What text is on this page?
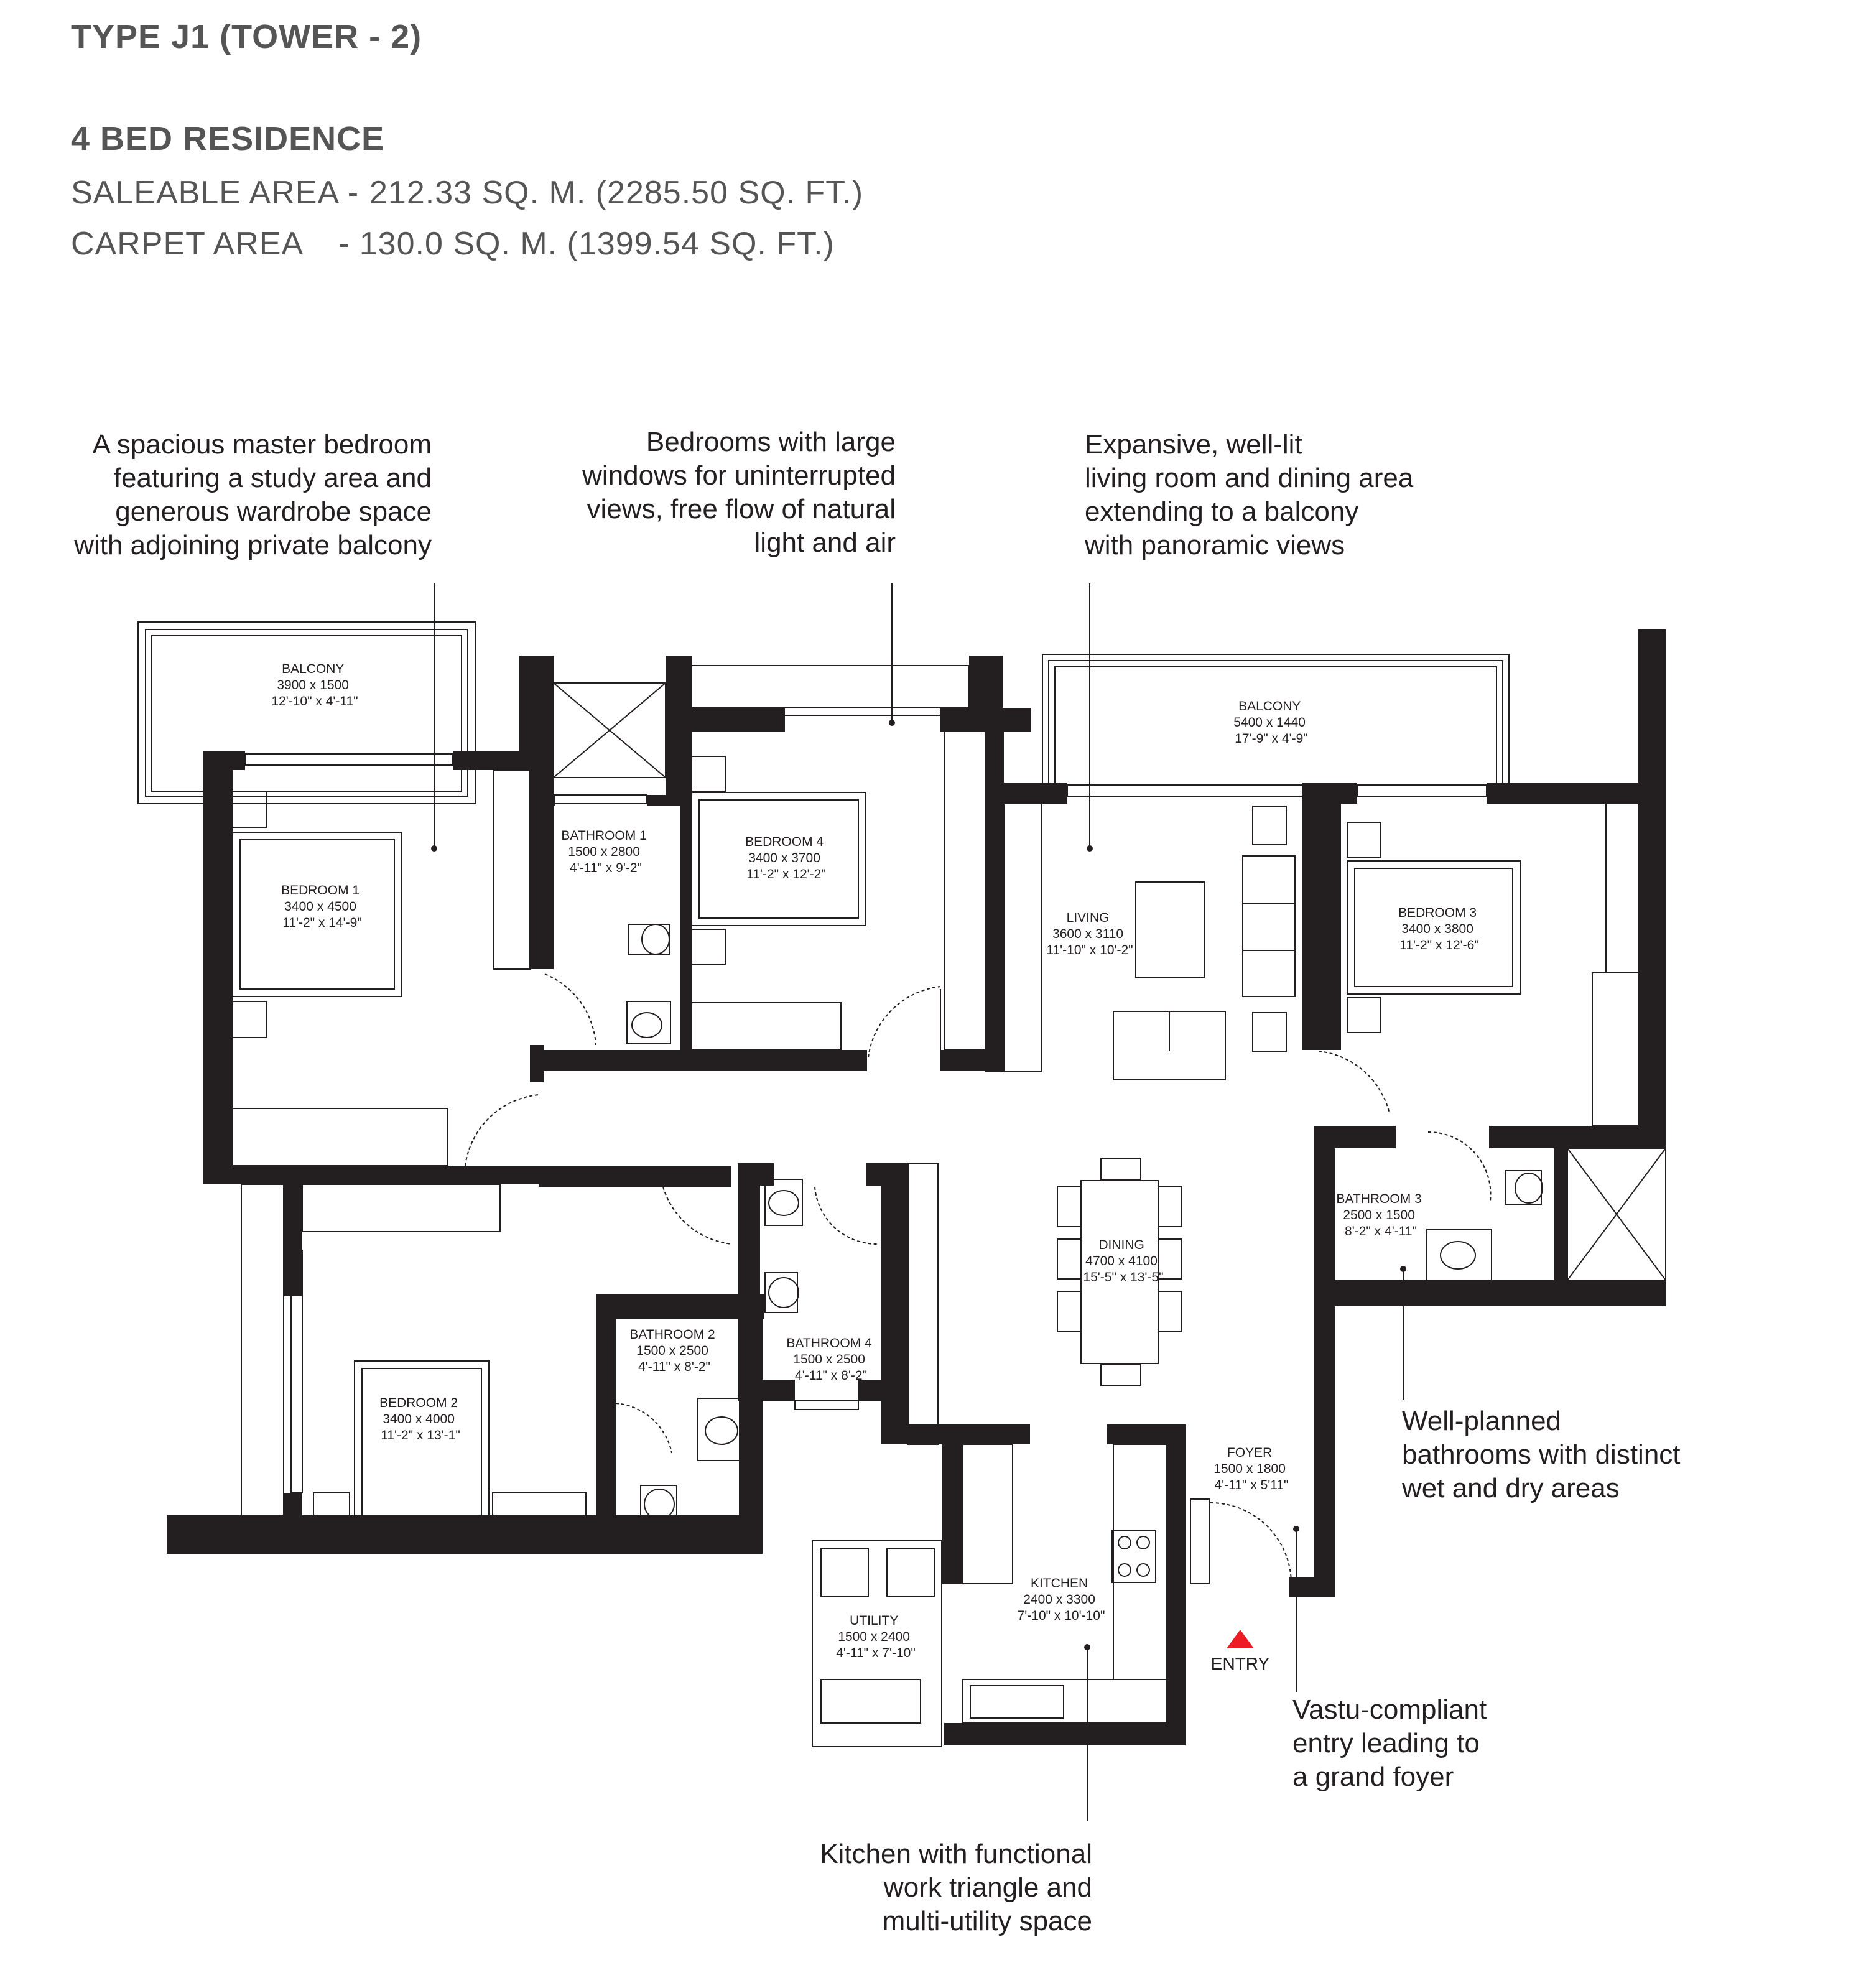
TYPE J1 (TOWER - 2)
4 BED RESIDENCE
SALEABLE AREA - 212.33 SQ. M. (2285.50 SQ. FT.)
CARPET AREA - 130.0 SQ. M. (1399.54 SQ. FT.)
A spacious master bedroom
featuring a study area and
generous wardrobe space
with adjoining private balcony
Bedrooms with large
windows for uninterrupted
views, free flow of natural
light and air
Expansive, well-lit
living room and dining area
extending to a balcony
with panoramic views
Well-planned
bathrooms with distinct
wet and dry areas
Vastu-compliant
entry leading to
a grand foyer
Kitchen with functional
work triangle and
multi-utility space
BALCONY 3900 x 1500 12'-10" x 4'-11"	BALCONY 5400 x 1440 17'-9" x 4'-9"
BEDROOM 1 3400 x 4500 11'-2" x 14'-9"
BATHROOM 1 1500 x 2800 4'-11" x 9'-2"
BEDROOM 4 3400 x 3700 11'-2" x 12'-2"
LIVING 3600 x 3110 11'-10" x 10'-2"
BEDROOM 3 3400 x 3800 11'-2" x 12'-6"
BATHROOM 3 2500 x 1500 8'-2" x 4'-11"
DINING 4700 x 4100 15'-5" x 13'-5"
BATHROOM 2 1500 x 2500 4'-11" x 8'-2"
BATHROOM 4 1500 x 2500 4'-11" x 8'-2"
BEDROOM 2 3400 x 4000 11'-2" x 13'-1"
FOYER 1500 x 1800 4'-11" x 5'11"
KITCHEN 2400 x 3300 7'-10" x 10'-10"
UTILITY 1500 x 2400 4'-11" x 7'-10"
ENTRY
